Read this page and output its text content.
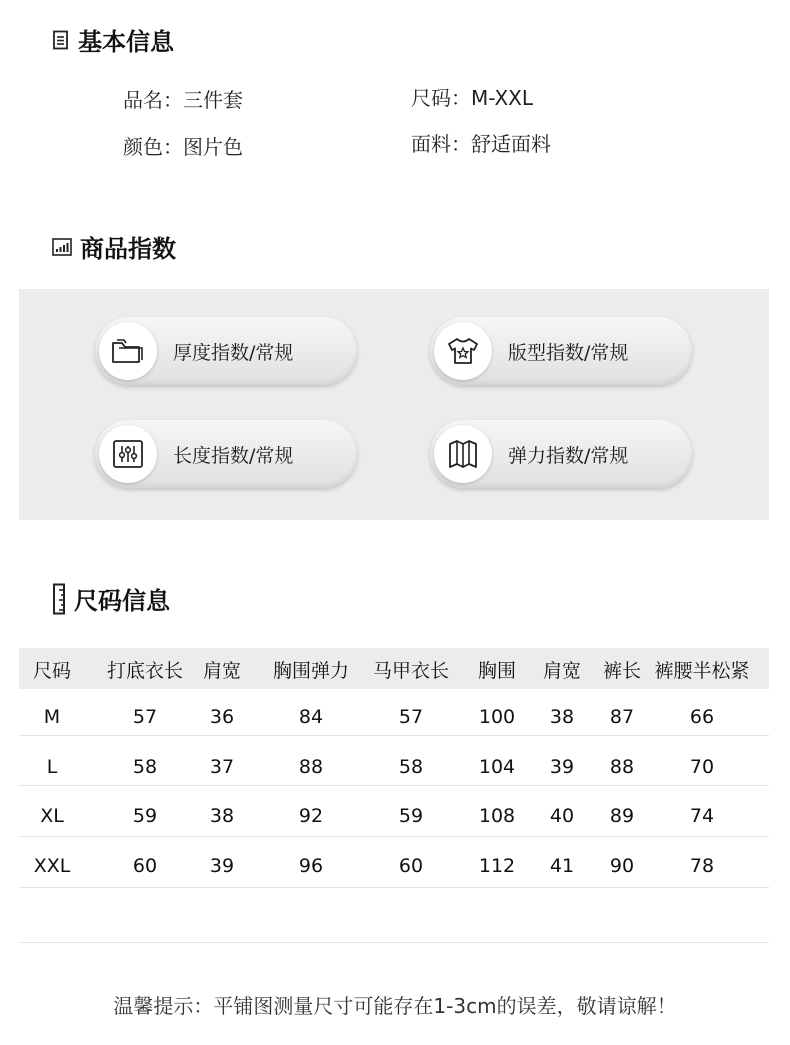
基本信息
品名：三件套	尺码：M-XXL
颜色：图片色	面料：舒适面料
商品指数
厚度指数/常规	版型指数/常规
长度指数/常规	弹力指数/常规
尺码信息
尺码 打底衣长 肩宽 胸围弹力 马甲衣长 胸围 肩宽 裤长 裤腰半松紧
M	57	36	84	57	100 38 87	66
L	58	37	88	58	104 39 88	70
XL	59	38	92	59	108 40 89	74
XXL	60	39	96	60	112 41 90	78
温馨提示：平铺图测量尺寸可能存在1-3cm的误差，敬请谅解！
